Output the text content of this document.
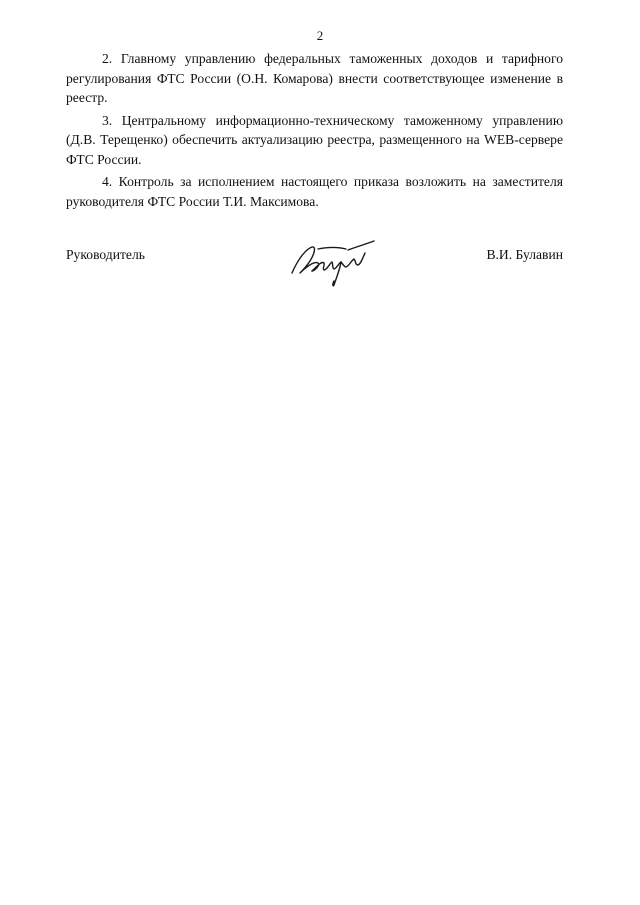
2

2. Главному управлению федеральных таможенных доходов и тарифного регулирования ФТС России (О.Н. Комарова) внести соответствующее изменение в реестр.

3. Центральному информационно-техническому таможенному управлению (Д.В. Терещенко) обеспечить актуализацию реестра, размещенного на WEB-сервере ФТС России.

4. Контроль за исполнением настоящего приказа возложить на заместителя руководителя ФТС России Т.И. Максимова.

Руководитель	В.И. Булавин
